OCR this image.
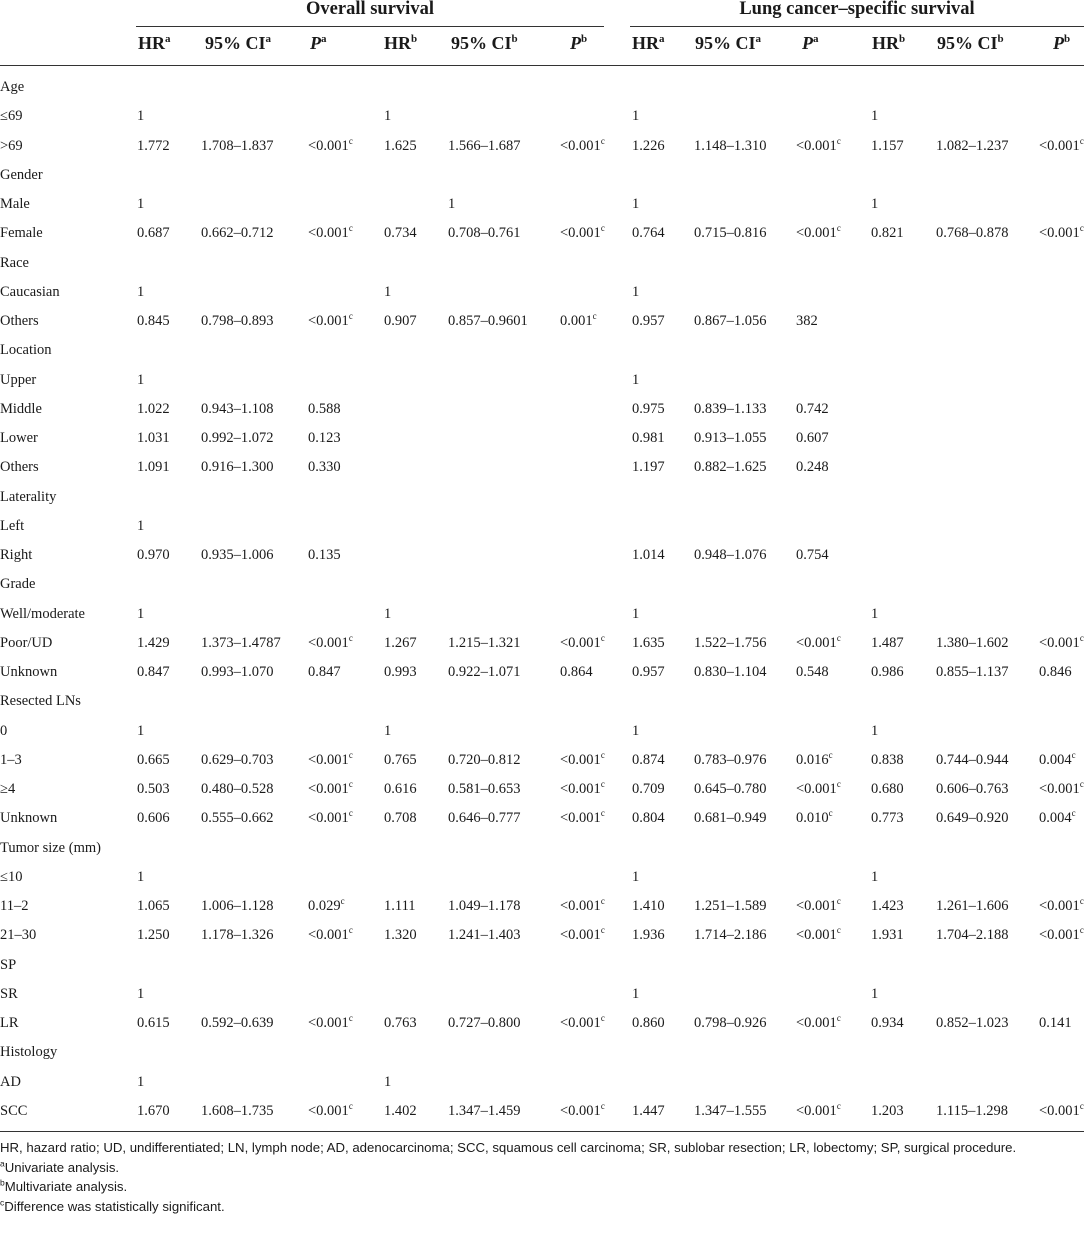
Overall survival	Lung cancer–specific survival
$HR^a$ 95% $CI^a$ $P^a$	$HR^b$ 95% $CI^b$	$P^b$ $HR^a$ 95% $CI^a$ $P^a$	$HR^b$ 95% $CI^b$	$P^b$
Age												
≤69	1			1			1			1		
>69	1.772	1.708–1.837	<0.001$^c$	1.625	1.566–1.687	<0.001$^c$	1.226	1.148–1.310	<0.001$^c$	1.157	1.082–1.237	<0.001$^c$
Gender												
Male	1				1		1			1		
Female	0.687	0.662–0.712	<0.001$^c$	0.734	0.708–0.761	<0.001$^c$	0.764	0.715–0.816	<0.001$^c$	0.821	0.768–0.878	<0.001$^c$
Race												
Caucasian	1			1			1					
Others	0.845	0.798–0.893	<0.001$^c$	0.907	0.857–0.9601	0.001$^c$	0.957	0.867–1.056	382			
Location												
Upper	1						1					
Middle	1.022	0.943–1.108	0.588				0.975	0.839–1.133	0.742			
Lower	1.031	0.992–1.072	0.123				0.981	0.913–1.055	0.607			
Others	1.091	0.916–1.300	0.330				1.197	0.882–1.625	0.248			
Laterality												
Left	1											
Right	0.970	0.935–1.006	0.135				1.014	0.948–1.076	0.754			
Grade												
Well/moderate	1			1			1			1		
Poor/UD	1.429	1.373–1.4787	<0.001$^c$	1.267	1.215–1.321	<0.001$^c$	1.635	1.522–1.756	<0.001$^c$	1.487	1.380–1.602	<0.001$^c$
Unknown	0.847	0.993–1.070	0.847	0.993	0.922–1.071	0.864	0.957	0.830–1.104	0.548	0.986	0.855–1.137	0.846
Resected LNs												
0	1			1			1			1		
1–3	0.665	0.629–0.703	<0.001$^c$	0.765	0.720–0.812	<0.001$^c$	0.874	0.783–0.976	0.016$^c$	0.838	0.744–0.944	0.004$^c$
≥4	0.503	0.480–0.528	<0.001$^c$	0.616	0.581–0.653	<0.001$^c$	0.709	0.645–0.780	<0.001$^c$	0.680	0.606–0.763	<0.001$^c$
Unknown	0.606	0.555–0.662	<0.001$^c$	0.708	0.646–0.777	<0.001$^c$	0.804	0.681–0.949	0.010$^c$	0.773	0.649–0.920	0.004$^c$
Tumor size (mm)												
≤10	1						1			1		
11–2	1.065	1.006–1.128	0.029$^c$	1.111	1.049–1.178	<0.001$^c$	1.410	1.251–1.589	<0.001$^c$	1.423	1.261–1.606	<0.001$^c$
21–30	1.250	1.178–1.326	<0.001$^c$	1.320	1.241–1.403	<0.001$^c$	1.936	1.714–2.186	<0.001$^c$	1.931	1.704–2.188	<0.001$^c$
SP												
SR	1						1			1		
LR	0.615	0.592–0.639	<0.001$^c$	0.763	0.727–0.800	<0.001$^c$	0.860	0.798–0.926	<0.001$^c$	0.934	0.852–1.023	0.141
Histology												
AD	1			1								
SCC	1.670	1.608–1.735	<0.001$^c$	1.402	1.347–1.459	<0.001$^c$	1.447	1.347–1.555	<0.001$^c$	1.203	1.115–1.298	<0.001$^c$
HR, hazard ratio; UD, undifferentiated; LN, lymph node; AD, adenocarcinoma; SCC, squamous cell carcinoma; SR, sublobar resection; LR, lobectomy; SP, surgical procedure.
$^a$Univariate analysis.
$^b$Multivariate analysis.
$^c$Difference was statistically significant.
